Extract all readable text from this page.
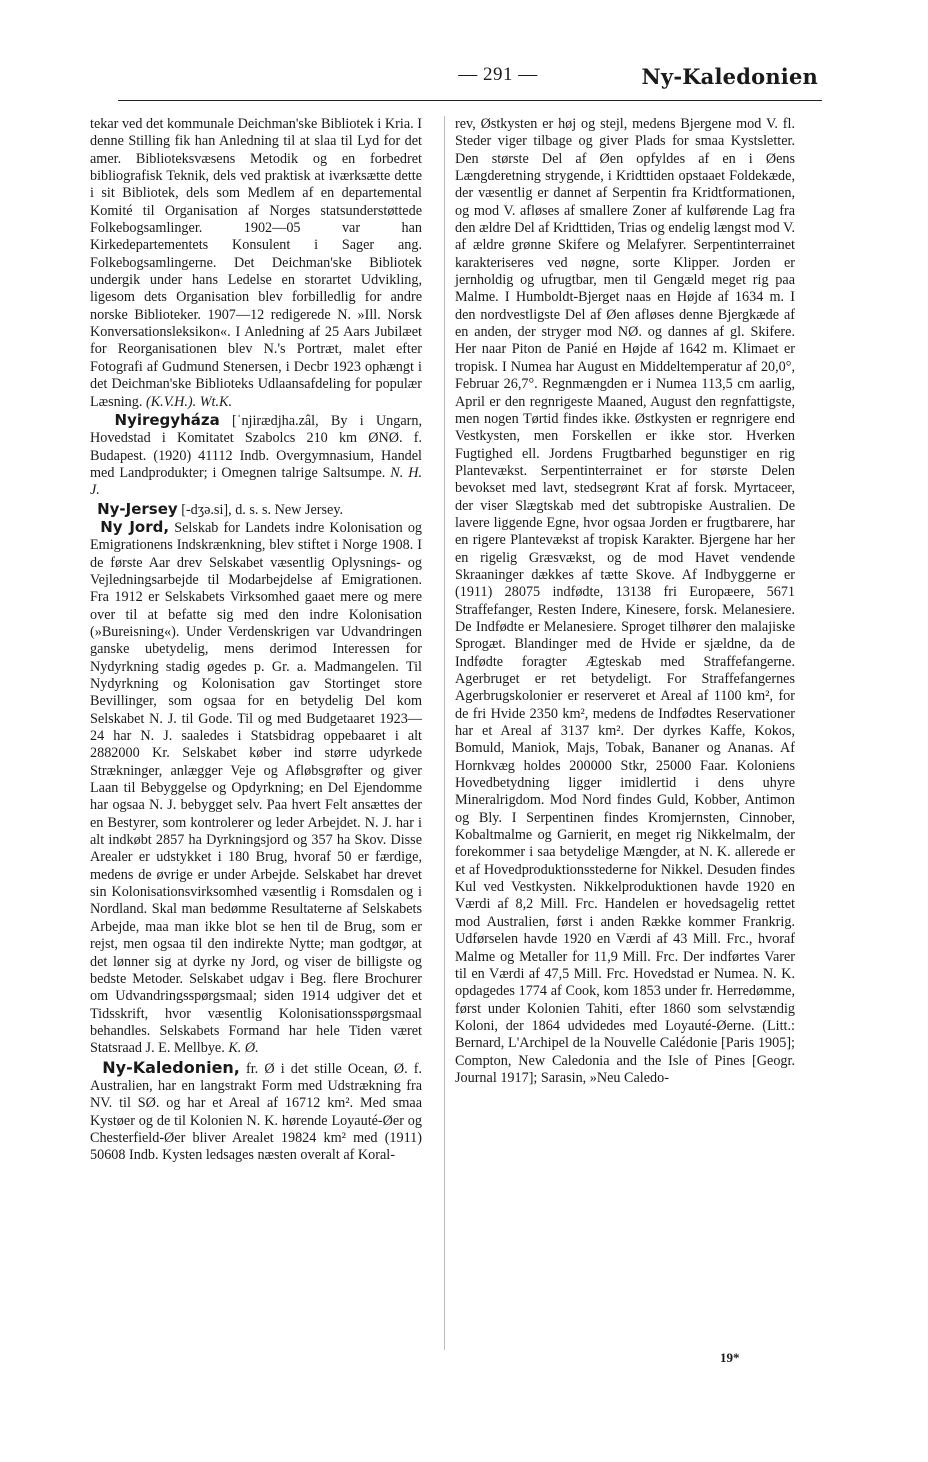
— 291 —	Ny-Kaledonien

tekar ved det kommunale Deichman'ske Bibliotek i Kria. I denne Stilling fik han Anledning til at slaa til Lyd for det amer. Biblioteksvæsens Metodik og en forbedret bibliografisk Teknik, dels ved praktisk at iværksætte dette i sit Bibliotek, dels som Medlem af en departemental Komité til Organisation af Norges statsunderstøttede Folkebogsamlinger. 1902—05 var han Kirkedepartementets Konsulent i Sager ang. Folkebogsamlingerne. Det Deichman'ske Bibliotek undergik under hans Ledelse en storartet Udvikling, ligesom dets Organisation blev forbilledlig for andre norske Biblioteker. 1907—12 redigerede N. »Ill. Norsk Konversationsleksikon«. I Anledning af 25 Aars Jubilæet for Reorganisationen blev N.'s Portræt, malet efter Fotografi af Gudmund Stenersen, i Decbr 1923 ophængt i det Deichman'ske Biblioteks Udlaansafdeling for populær Læsning. (K.V.H.). Wt.K.

Nyiregyháza [ˈnjirædjha.zâl, By i Ungarn, Hovedstad i Komitatet Szabolcs 210 km ØNØ. f. Budapest. (1920) 41112 Indb. Overgymnasium, Handel med Landprodukter; i Omegnen talrige Saltsumpe. N. H. J.

Ny-Jersey [-dʒə.si], d. s. s. New Jersey.

Ny Jord, Selskab for Landets indre Kolonisation og Emigrationens Indskrænkning, blev stiftet i Norge 1908. I de første Aar drev Selskabet væsentlig Oplysnings- og Vejledningsarbejde til Modarbejdelse af Emigrationen. Fra 1912 er Selskabets Virksomhed gaaet mere og mere over til at befatte sig med den indre Kolonisation (»Bureisning«). Under Verdenskrigen var Udvandringen ganske ubetydelig, mens derimod Interessen for Nydyrkning stadig øgedes p. Gr. a. Madmangelen. Til Nydyrkning og Kolonisation gav Stortinget store Bevillinger, som ogsaa for en betydelig Del kom Selskabet N. J. til Gode. Til og med Budgetaaret 1923—24 har N. J. saaledes i Statsbidrag oppebaaret i alt 2882000 Kr. Selskabet køber ind større udyrkede Strækninger, anlægger Veje og Afløbsgrøfter og giver Laan til Bebyggelse og Opdyrkning; en Del Ejendomme har ogsaa N. J. bebygget selv. Paa hvert Felt ansættes der en Bestyrer, som kontrolerer og leder Arbejdet. N. J. har i alt indkøbt 2857 ha Dyrkningsjord og 357 ha Skov. Disse Arealer er udstykket i 180 Brug, hvoraf 50 er færdige, medens de øvrige er under Arbejde. Selskabet har drevet sin Kolonisationsvirksomhed væsentlig i Romsdalen og i Nordland. Skal man bedømme Resultaterne af Selskabets Arbejde, maa man ikke blot se hen til de Brug, som er rejst, men ogsaa til den indirekte Nytte; man godtgør, at det lønner sig at dyrke ny Jord, og viser de billigste og bedste Metoder. Selskabet udgav i Beg. flere Brochurer om Udvandringsspørgsmaal; siden 1914 udgiver det et Tidsskrift, hvor væsentlig Kolonisationsspørgsmaal behandles. Selskabets Formand har hele Tiden været Statsraad J. E. Mellbye. K. Ø.

Ny-Kaledonien, fr. Ø i det stille Ocean, Ø. f. Australien, har en langstrakt Form med Udstrækning fra NV. til SØ. og har et Areal af 16712 km². Med smaa Kystøer og de til Kolonien N. K. hørende Loyauté-Øer og Chesterfield-Øer bliver Arealet 19824 km² med (1911) 50608 Indb. Kysten ledsages næsten overalt af Koral-

rev, Østkysten er høj og stejl, medens Bjergene mod V. fl. Steder viger tilbage og giver Plads for smaa Kystsletter. Den største Del af Øen opfyldes af en i Øens Længderetning strygende, i Kridttiden opstaaet Foldekæde, der væsentlig er dannet af Serpentin fra Kridtformationen, og mod V. afløses af smallere Zoner af kulførende Lag fra den ældre Del af Kridttiden, Trias og endelig længst mod V. af ældre grønne Skifere og Melafyrer. Serpentinterrainet karakteriseres ved nøgne, sorte Klipper. Jorden er jernholdig og ufrugtbar, men til Gengæld meget rig paa Malme. I Humboldt-Bjerget naas en Højde af 1634 m. I den nordvestligste Del af Øen afløses denne Bjergkæde af en anden, der stryger mod NØ. og dannes af gl. Skifere. Her naar Piton de Panié en Højde af 1642 m. Klimaet er tropisk. I Numea har August en Middeltemperatur af 20,0°, Februar 26,7°. Regnmængden er i Numea 113,5 cm aarlig, April er den regnrigeste Maaned, August den regnfattigste, men nogen Tørtid findes ikke. Østkysten er regnrigere end Vestkysten, men Forskellen er ikke stor. Hverken Fugtighed ell. Jordens Frugtbarhed begunstiger en rig Plantevækst. Serpentinterrainet er for største Delen bevokset med lavt, stedsegrønt Krat af forsk. Myrtaceer, der viser Slægtskab med det subtropiske Australien. De lavere liggende Egne, hvor ogsaa Jorden er frugtbarere, har en rigere Plantevækst af tropisk Karakter. Bjergene har her en rigelig Græsvækst, og de mod Havet vendende Skraaninger dækkes af tætte Skove. Af Indbyggerne er (1911) 28075 indfødte, 13138 fri Europæere, 5671 Straffefanger, Resten Indere, Kinesere, forsk. Melanesiere. De Indfødte er Melanesiere. Sproget tilhører den malajiske Sprogæt. Blandinger med de Hvide er sjældne, da de Indfødte foragter Ægteskab med Straffefangerne. Agerbruget er ret betydeligt. For Straffefangernes Agerbrugskolonier er reserveret et Areal af 1100 km², for de fri Hvide 2350 km², medens de Indfødtes Reservationer har et Areal af 3137 km². Der dyrkes Kaffe, Kokos, Bomuld, Maniok, Majs, Tobak, Bananer og Ananas. Af Hornkvæg holdes 200000 Stkr, 25000 Faar. Koloniens Hovedbetydning ligger imidlertid i dens uhyre Mineralrigdom. Mod Nord findes Guld, Kobber, Antimon og Bly. I Serpentinen findes Kromjernsten, Cinnober, Kobaltmalme og Garnierit, en meget rig Nikkelmalm, der forekommer i saa betydelige Mængder, at N. K. allerede er et af Hovedproduktionsstederne for Nikkel. Desuden findes Kul ved Vestkysten. Nikkelproduktionen havde 1920 en Værdi af 8,2 Mill. Frc. Handelen er hovedsagelig rettet mod Australien, først i anden Række kommer Frankrig. Udførselen havde 1920 en Værdi af 43 Mill. Frc., hvoraf Malme og Metaller for 11,9 Mill. Frc. Der indførtes Varer til en Værdi af 47,5 Mill. Frc. Hovedstad er Numea. N. K. opdagedes 1774 af Cook, kom 1853 under fr. Herredømme, først under Kolonien Tahiti, efter 1860 som selvstændig Koloni, der 1864 udvidedes med Loyauté-Øerne. (Litt.: Bernard, L'Archipel de la Nouvelle Calédonie [Paris 1905]; Compton, New Caledonia and the Isle of Pines [Geogr. Journal 1917]; Sarasin, »Neu Caledo-

19*
